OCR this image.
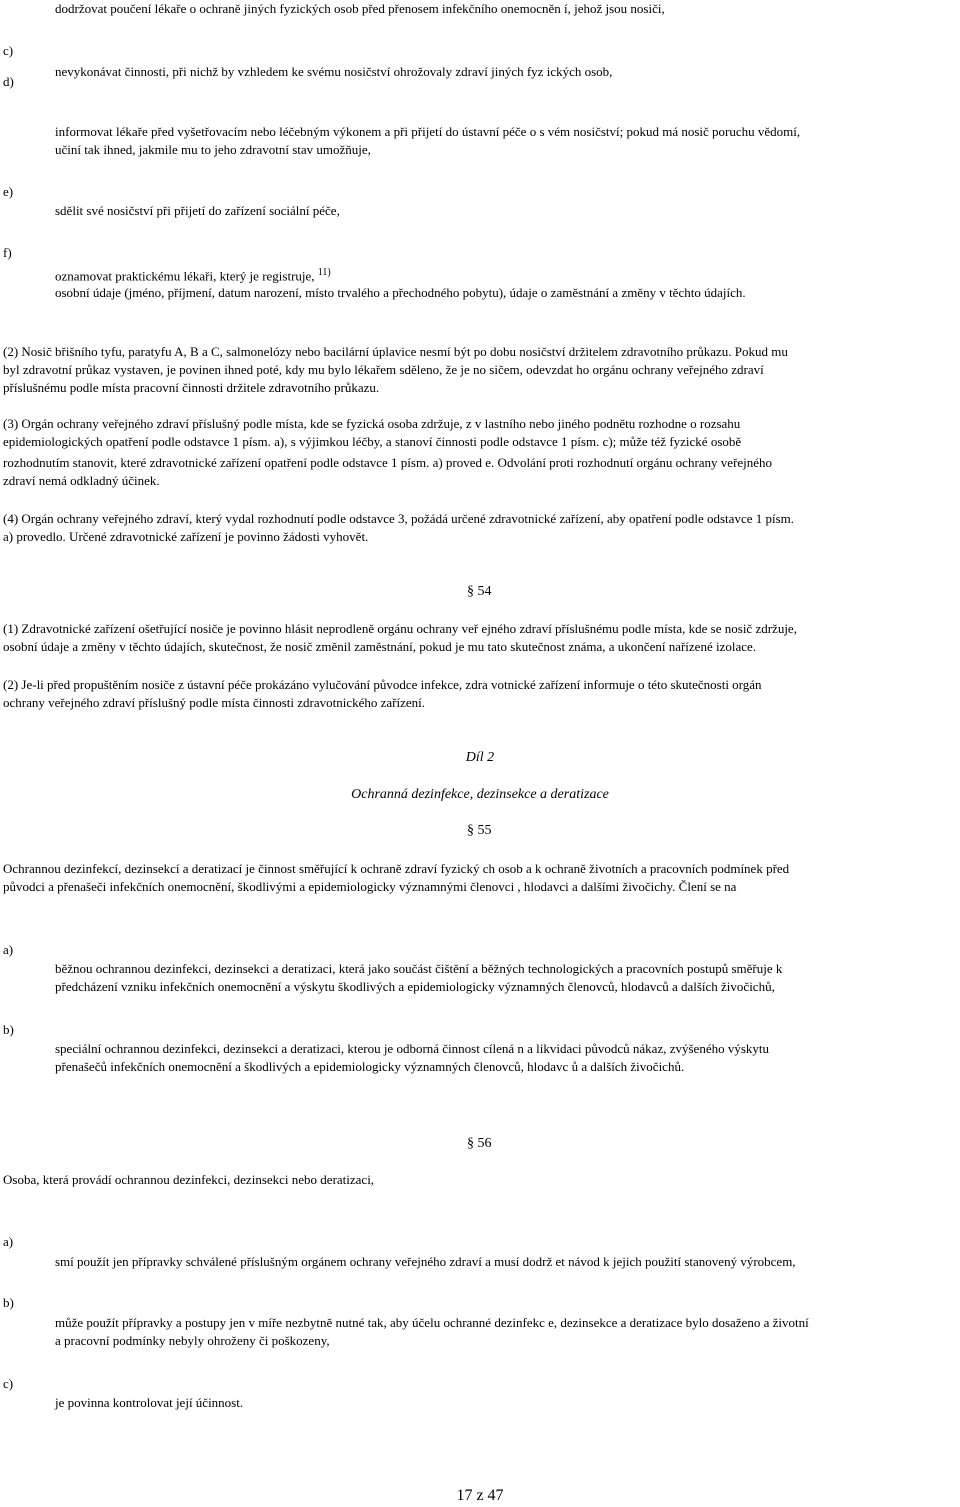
dodržovat poučení lékaře o ochraně jiných fyzických osob před přenosem infekčního onemocněn í, jehož jsou nosiči,
c)
nevykonávat činnosti, při nichž by vzhledem ke svému nosičství ohrožovaly zdraví jiných fyz ických osob,
d)
informovat lékaře před vyšetřovacím nebo léčebným výkonem a při přijetí do ústavní péče o s vém nosičství; pokud má nosič poruchu vědomí,
učiní tak ihned, jakmile mu to jeho zdravotní stav umožňuje,
e)
sdělit své nosičství při přijetí do zařízení sociální péče,
f)
oznamovat praktickému lékaři, který je registruje, $^{11)}$
osobní údaje (jméno, příjmení, datum narození, místo trvalého a přechodného pobytu), údaje o zaměstnání a změny v těchto údajích.
(2) Nosič břišního tyfu, paratyfu A, B a C, salmonelózy nebo bacilární úplavice nesmí být po dobu nosičství držitelem zdravotního průkazu. Pokud mu
byl zdravotní průkaz vystaven, je povinen ihned poté, kdy mu bylo lékařem sděleno, že je no sičem, odevzdat ho orgánu ochrany veřejného zdraví
příslušnému podle místa pracovní činnosti držitele zdravotního průkazu.
(3) Orgán ochrany veřejného zdraví příslušný podle místa, kde se fyzická osoba zdržuje, z v lastního nebo jiného podnětu rozhodne o rozsahu
epidemiologických opatření podle odstavce 1 písm. a), s výjimkou léčby, a stanoví činnosti podle odstavce 1 písm. c); může též fyzické osobě
rozhodnutím stanovit, které zdravotnické zařízení opatření podle odstavce 1 písm. a) proved e. Odvolání proti rozhodnutí orgánu ochrany veřejného
zdraví nemá odkladný účinek.
(4) Orgán ochrany veřejného zdraví, který vydal rozhodnutí podle odstavce 3, požádá určené zdravotnické zařízení, aby opatření podle odstavce 1 písm.
a) provedlo. Určené zdravotnické zařízení je povinno žádosti vyhovět.
§ 54
(1) Zdravotnické zařízení ošetřující nosiče je povinno hlásit neprodleně orgánu ochrany veř ejného zdraví příslušnému podle místa, kde se nosič zdržuje,
osobní údaje a změny v těchto údajích, skutečnost, že nosič změnil zaměstnání, pokud je mu tato skutečnost známa, a ukončení nařízené izolace.
(2) Je-li před propuštěním nosiče z ústavní péče prokázáno vylučování původce infekce, zdra votnické zařízení informuje o této skutečnosti orgán
ochrany veřejného zdraví příslušný podle místa činnosti zdravotnického zařízení.
Díl 2
Ochranná dezinfekce, dezinsekce a deratizace
§ 55
Ochrannou dezinfekcí, dezinsekcí a deratizací je činnost směřující k ochraně zdraví fyzický ch osob a k ochraně životních a pracovních podmínek před
původci a přenašeči infekčních onemocnění, škodlivými a epidemiologicky významnými členovci , hlodavci a dalšími živočichy. Člení se na
a)
běžnou ochrannou dezinfekci, dezinsekci a deratizaci, která jako součást čištění a běžných technologických a pracovních postupů směřuje k
předcházení vzniku infekčních onemocnění a výskytu škodlivých a epidemiologicky významných členovců, hlodavců a dalších živočichů,
b)
speciální ochrannou dezinfekci, dezinsekci a deratizaci, kterou je odborná činnost cílená n a likvidaci původců nákaz, zvýšeného výskytu
přenašečů infekčních onemocnění a škodlivých a epidemiologicky významných členovců, hlodavc ů a dalších živočichů.
§ 56
Osoba, která provádí ochrannou dezinfekci, dezinsekci nebo deratizaci,
a)
smí použít jen přípravky schválené příslušným orgánem ochrany veřejného zdraví a musí dodrž et návod k jejich použití stanovený výrobcem,
b)
může použít přípravky a postupy jen v míře nezbytně nutné tak, aby účelu ochranné dezinfekc e, dezinsekce a deratizace bylo dosaženo a životní
a pracovní podmínky nebyly ohroženy či poškozeny,
c)
je povinna kontrolovat její účinnost.
17 z 47
